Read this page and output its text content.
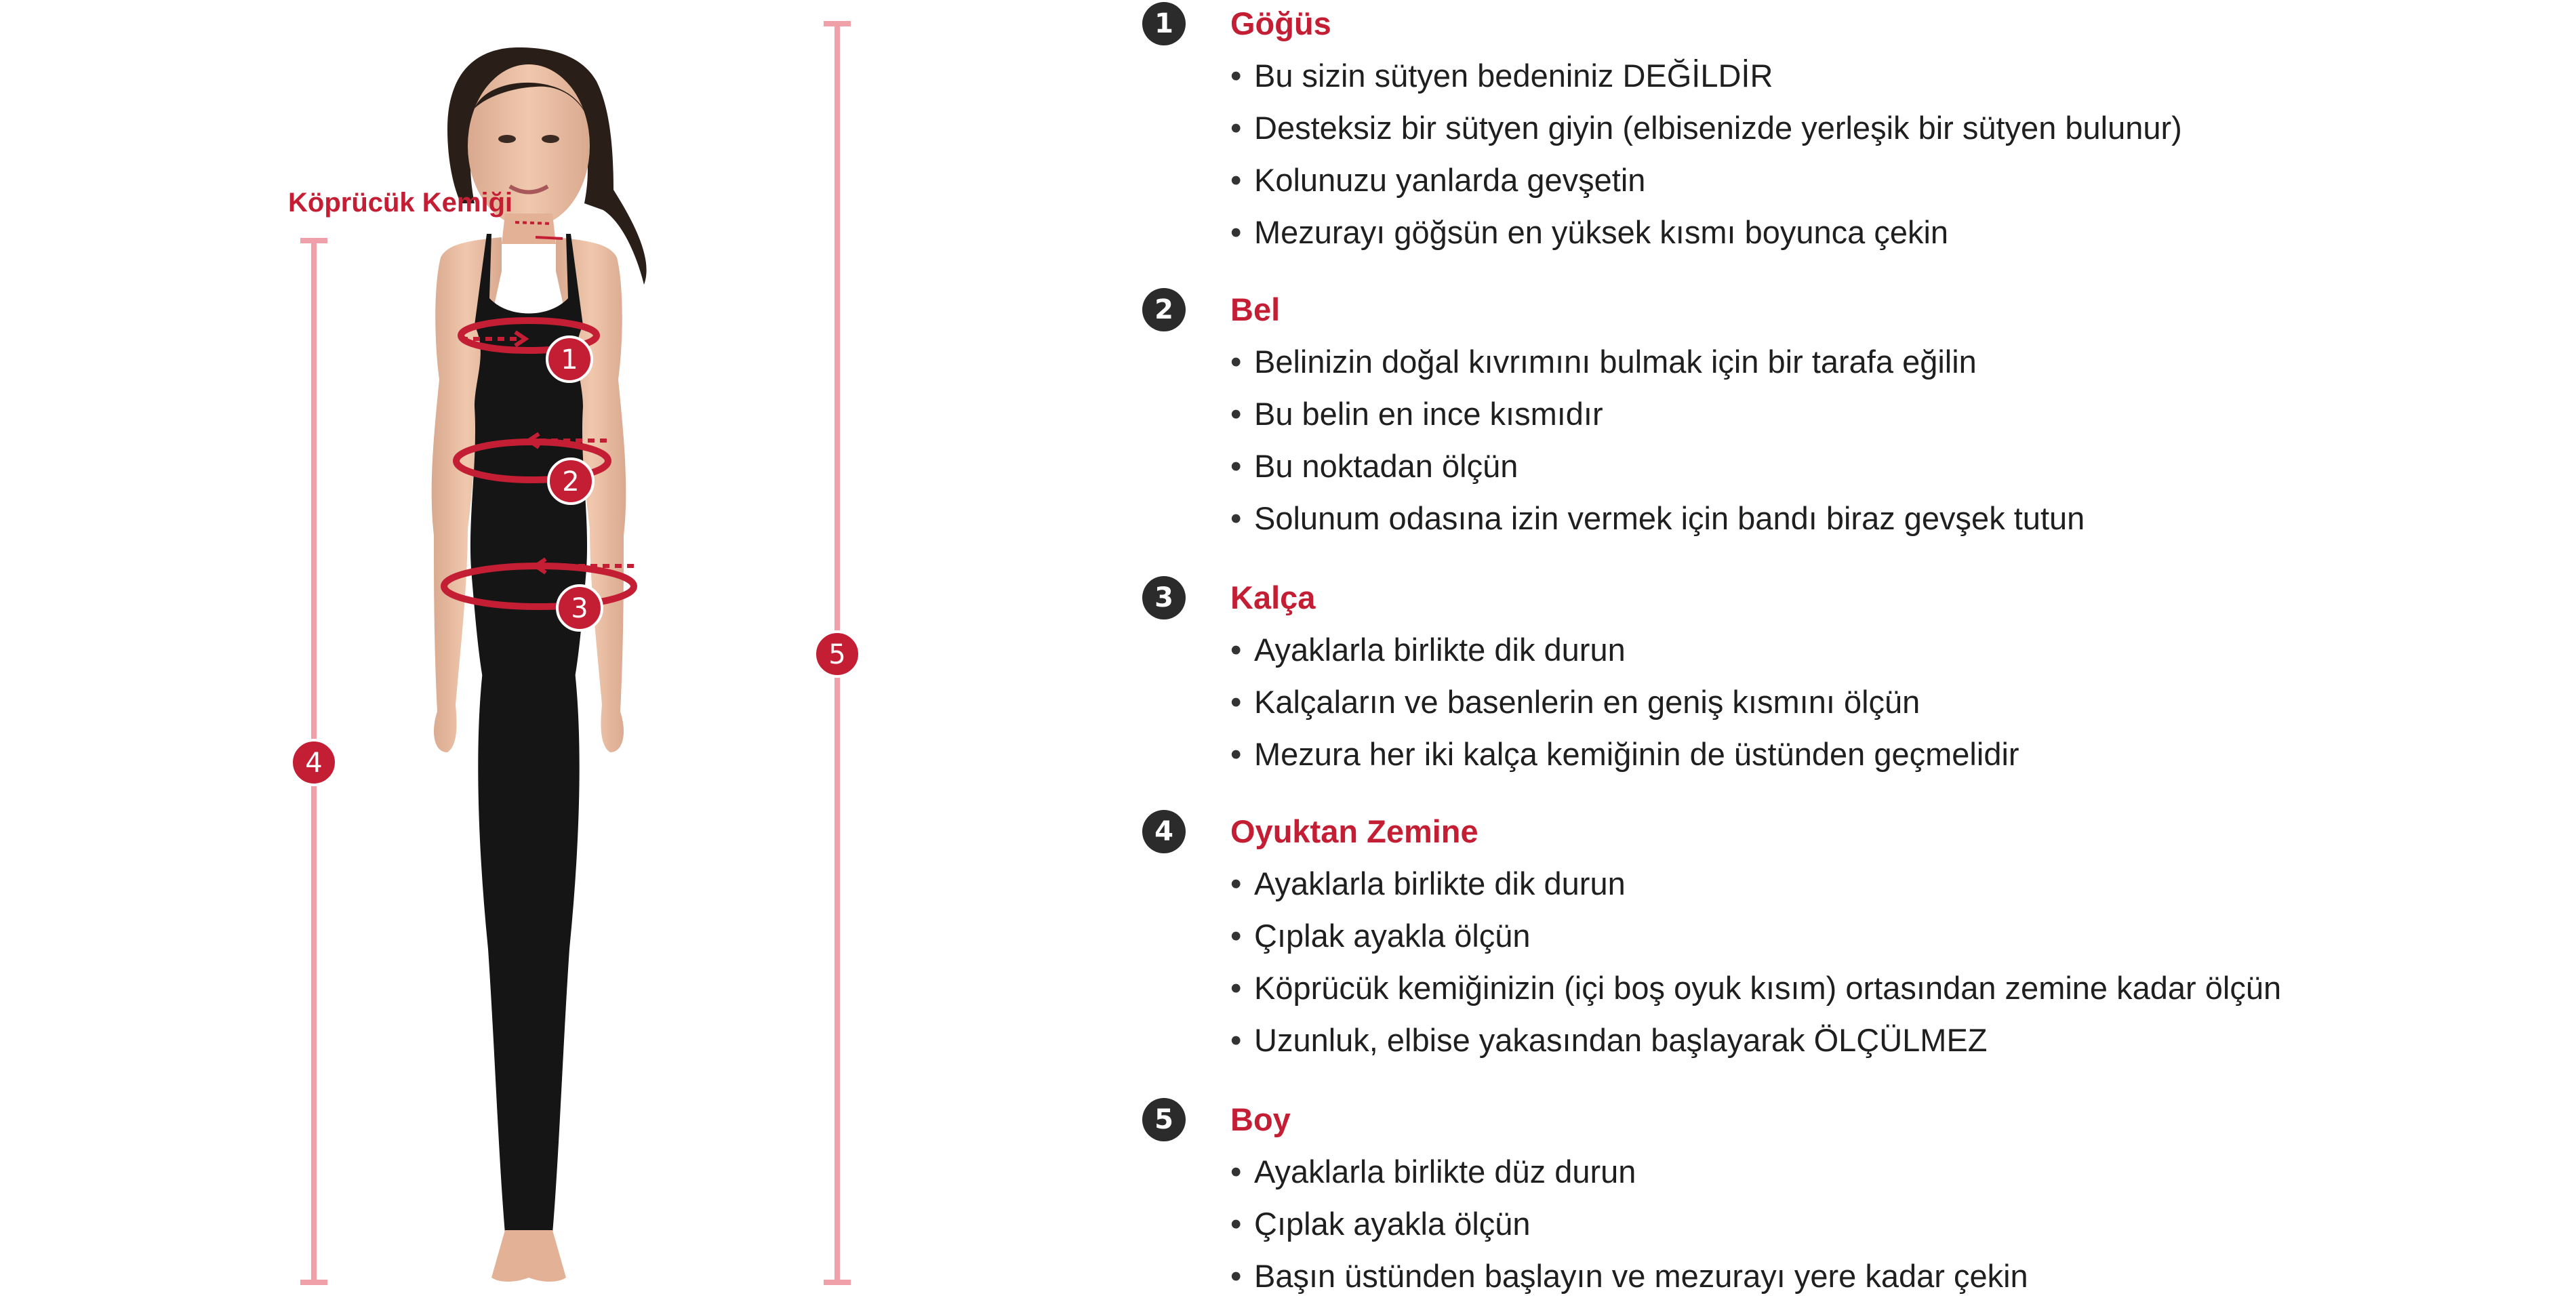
1
2
3
4
5
Köprücük Kemiği
1	Göğüs
• Bu sizin sütyen bedeniniz DEĞİLDİR
• Desteksiz bir sütyen giyin (elbisenizde yerleşik bir sütyen bulunur)
• Kolunuzu yanlarda gevşetin
• Mezurayı göğsün en yüksek kısmı boyunca çekin
2	Bel
• Belinizin doğal kıvrımını bulmak için bir tarafa eğilin
• Bu belin en ince kısmıdır
• Bu noktadan ölçün
• Solunum odasına izin vermek için bandı biraz gevşek tutun
3	Kalça
• Ayaklarla birlikte dik durun
• Kalçaların ve basenlerin en geniş kısmını ölçün
• Mezura her iki kalça kemiğinin de üstünden geçmelidir
4	Oyuktan Zemine
• Ayaklarla birlikte dik durun
• Çıplak ayakla ölçün
• Köprücük kemiğinizin (içi boş oyuk kısım) ortasından zemine kadar ölçün
• Uzunluk, elbise yakasından başlayarak ÖLÇÜLMEZ
5	Boy
• Ayaklarla birlikte düz durun
• Çıplak ayakla ölçün
• Başın üstünden başlayın ve mezurayı yere kadar çekin
